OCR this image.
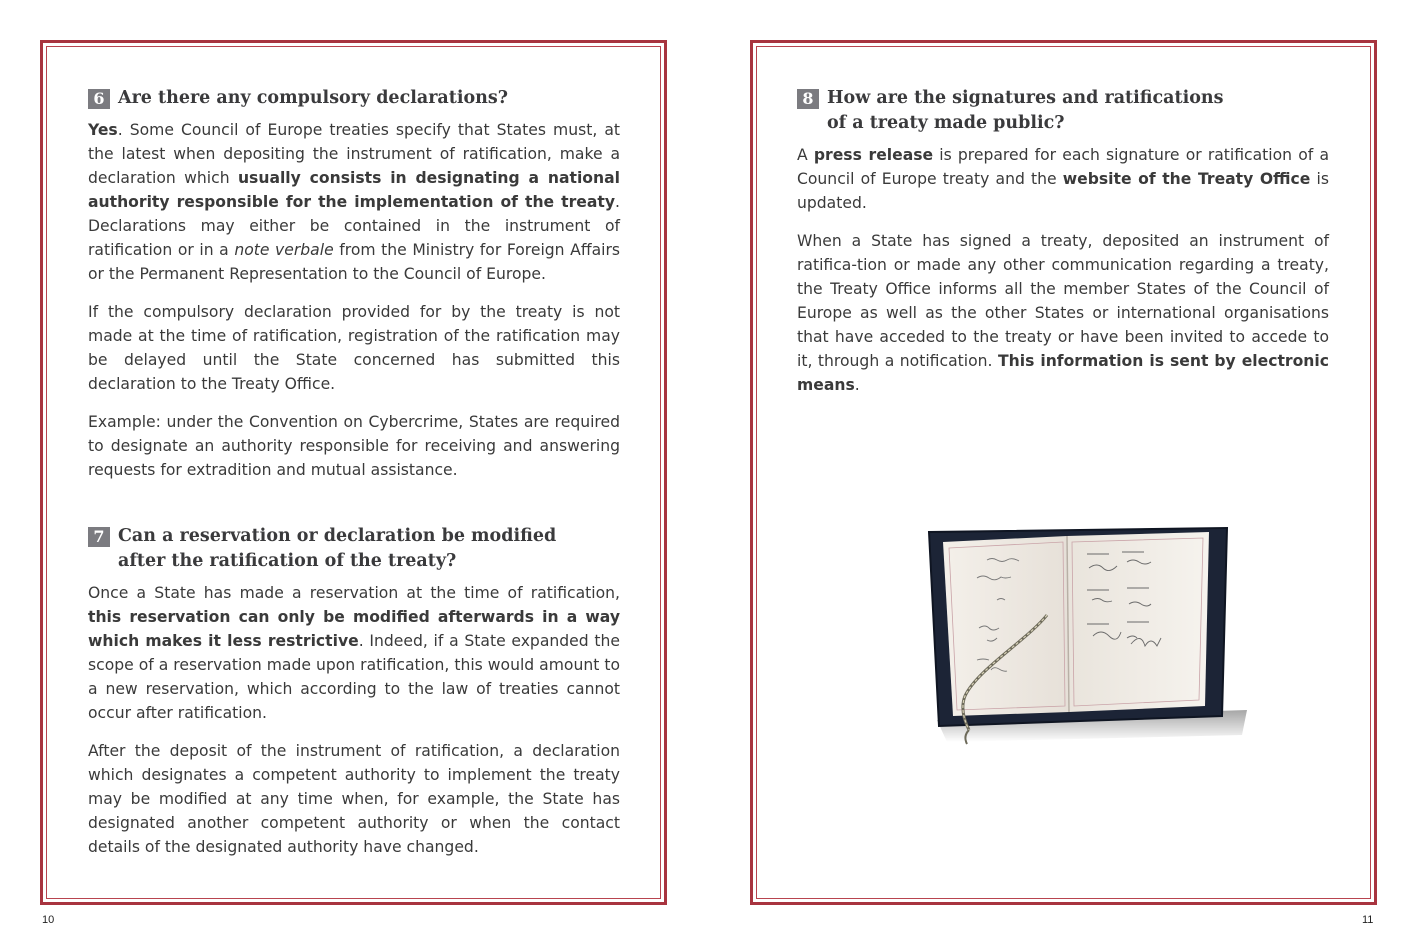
6 Are there any compulsory declarations?

Yes. Some Council of Europe treaties specify that States must, at the latest when depositing the instrument of ratification, make a declaration which usually consists in designating a national authority responsible for the implementation of the treaty. Declarations may either be contained in the instrument of ratification or in a note verbale from the Ministry for Foreign Affairs or the Permanent Representation to the Council of Europe.

If the compulsory declaration provided for by the treaty is not made at the time of ratification, registration of the ratification may be delayed until the State concerned has submitted this declaration to the Treaty Office.

Example: under the Convention on Cybercrime, States are required to designate an authority responsible for receiving and answering requests for extradition and mutual assistance.

7 Can a reservation or declaration be modified
after the ratification of the treaty?

Once a State has made a reservation at the time of ratification, this reservation can only be modified afterwards in a way which makes it less restrictive. Indeed, if a State expanded the scope of a reservation made upon ratification, this would amount to a new reservation, which according to the law of treaties cannot occur after ratification.

After the deposit of the instrument of ratification, a declaration which designates a competent authority to implement the treaty may be modified at any time when, for example, the State has designated another competent authority or when the contact details of the designated authority have changed.

8 How are the signatures and ratifications
of a treaty made public?

A press release is prepared for each signature or ratification of a Council of Europe treaty and the website of the Treaty Office is updated.

When a State has signed a treaty, deposited an instrument of ratifica-tion or made any other communication regarding a treaty, the Treaty Office informs all the member States of the Council of Europe as well as the other States or international organisations that have acceded to the treaty or have been invited to accede to it, through a notification. This information is sent by electronic means.

10	11
